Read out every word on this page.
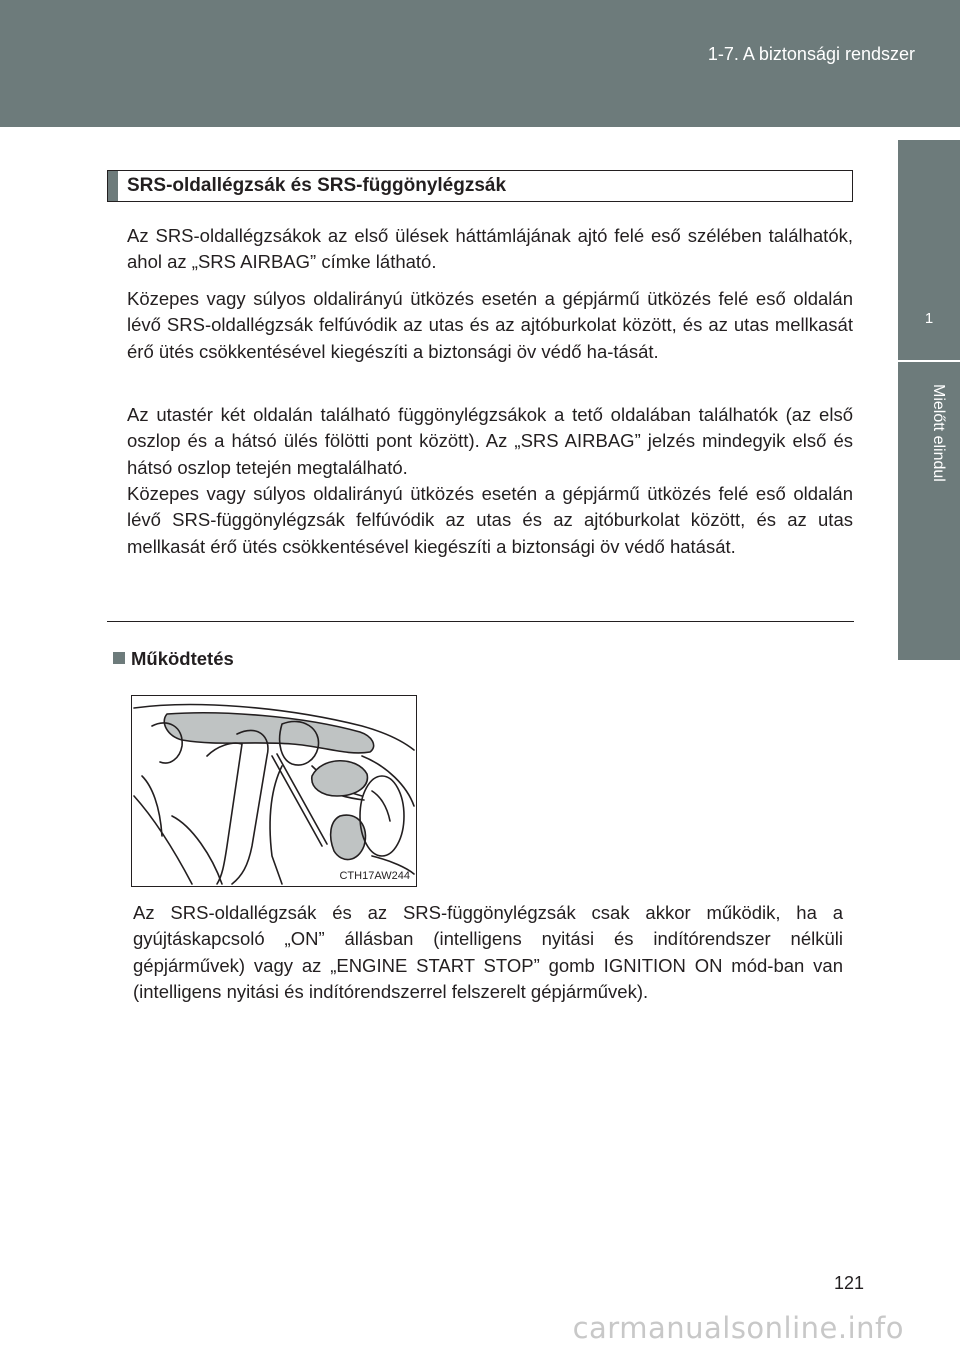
1-7. A biztonsági rendszer
1
Mielőtt elindul
SRS-oldallégzsák és SRS-függönylégzsák

Az SRS-oldallégzsákok az első ülések háttámlájának ajtó felé eső szélében találhatók, ahol az „SRS AIRBAG” címke látható.

Közepes vagy súlyos oldalirányú ütközés esetén a gépjármű ütközés felé eső oldalán lévő SRS-oldallégzsák felfúvódik az utas és az ajtóburkolat között, és az utas mellkasát érő ütés csökkentésével kiegészíti a biztonsági öv védő ha-tását.

Az utastér két oldalán található függönylégzsákok a tető oldalában találhatók (az első oszlop és a hátsó ülés fölötti pont között). Az „SRS AIRBAG” jelzés mindegyik első és hátsó oszlop tetején megtalálható.

Közepes vagy súlyos oldalirányú ütközés esetén a gépjármű ütközés felé eső oldalán lévő SRS-függönylégzsák felfúvódik az utas és az ajtóburkolat között, és az utas mellkasát érő ütés csökkentésével kiegészíti a biztonsági öv védő hatását.

Működtetés
CTH17AW244

Az SRS-oldallégzsák és az SRS-függönylégzsák csak akkor működik, ha a gyújtáskapcsoló „ON” állásban (intelligens nyitási és indítórendszer nélküli gépjárművek) vagy az „ENGINE START STOP” gomb IGNITION ON mód-ban van (intelligens nyitási és indítórendszerrel felszerelt gépjárművek).

121
carmanualsonline.info
